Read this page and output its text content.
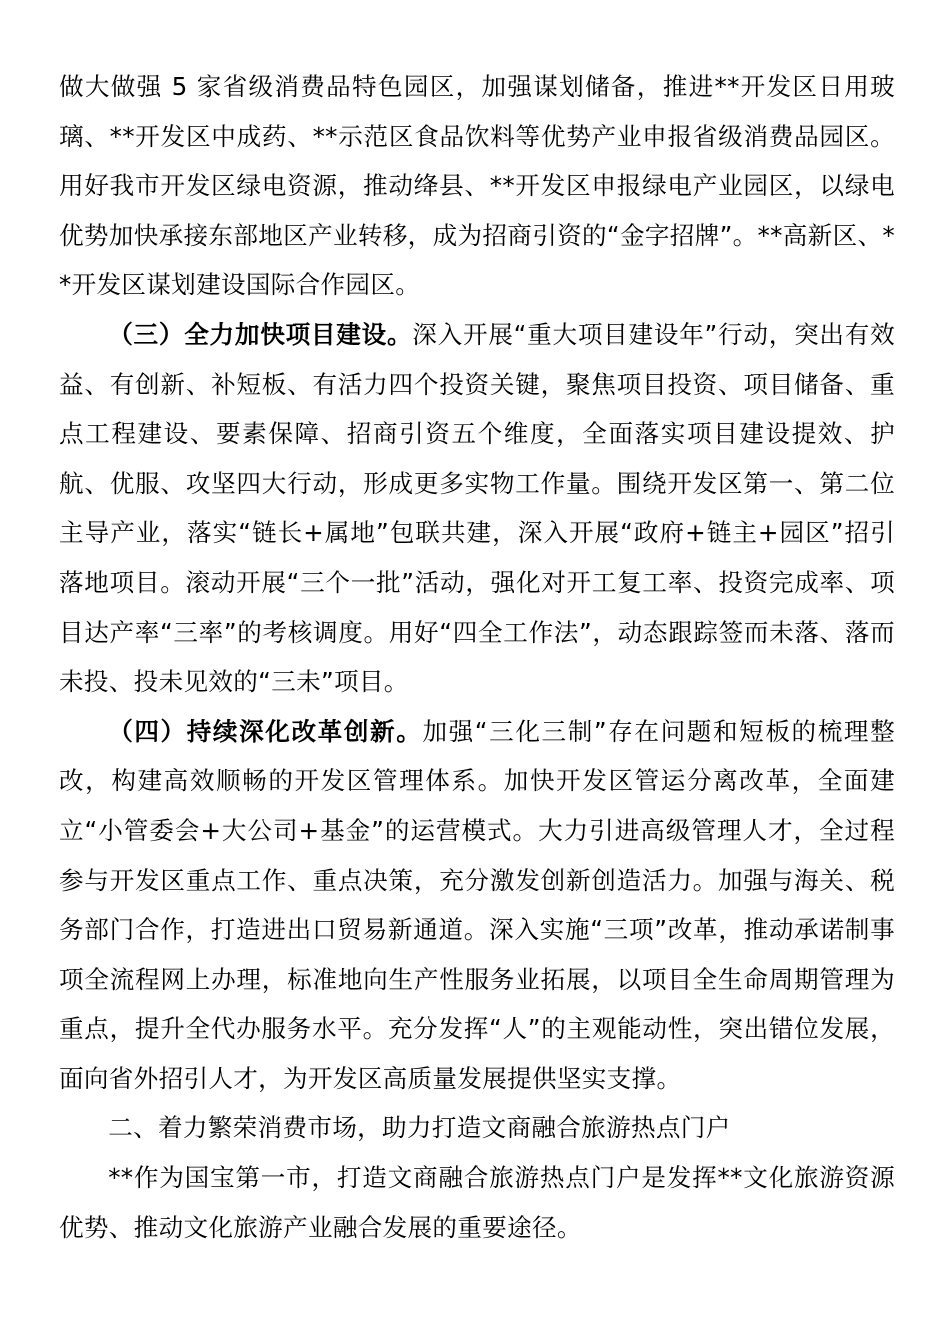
做大做强 5 家省级消费品特色园区，加强谋划储备，推进**开发区日用玻璃、**开发区中成药、**示范区食品饮料等优势产业申报省级消费品园区。用好我市开发区绿电资源，推动绛县、**开发区申报绿电产业园区，以绿电优势加快承接东部地区产业转移，成为招商引资的“金字招牌”。**高新区、**开发区谋划建设国际合作园区。

（三）全力加快项目建设。深入开展“重大项目建设年”行动，突出有效益、有创新、补短板、有活力四个投资关键，聚焦项目投资、项目储备、重点工程建设、要素保障、招商引资五个维度，全面落实项目建设提效、护航、优服、攻坚四大行动，形成更多实物工作量。围绕开发区第一、第二位主导产业，落实“链长+属地”包联共建，深入开展“政府+链主+园区”招引落地项目。滚动开展“三个一批”活动，强化对开工复工率、投资完成率、项目达产率“三率”的考核调度。用好“四全工作法”，动态跟踪签而未落、落而未投、投未见效的“三未”项目。

（四）持续深化改革创新。加强“三化三制”存在问题和短板的梳理整改，构建高效顺畅的开发区管理体系。加快开发区管运分离改革，全面建立“小管委会+大公司+基金”的运营模式。大力引进高级管理人才，全过程参与开发区重点工作、重点决策，充分激发创新创造活力。加强与海关、税务部门合作，打造进出口贸易新通道。深入实施“三项”改革，推动承诺制事项全流程网上办理，标准地向生产性服务业拓展，以项目全生命周期管理为重点，提升全代办服务水平。充分发挥“人”的主观能动性，突出错位发展，面向省外招引人才，为开发区高质量发展提供坚实支撑。

二、着力繁荣消费市场，助力打造文商融合旅游热点门户

**作为国宝第一市，打造文商融合旅游热点门户是发挥**文化旅游资源优势、推动文化旅游产业融合发展的重要途径。
